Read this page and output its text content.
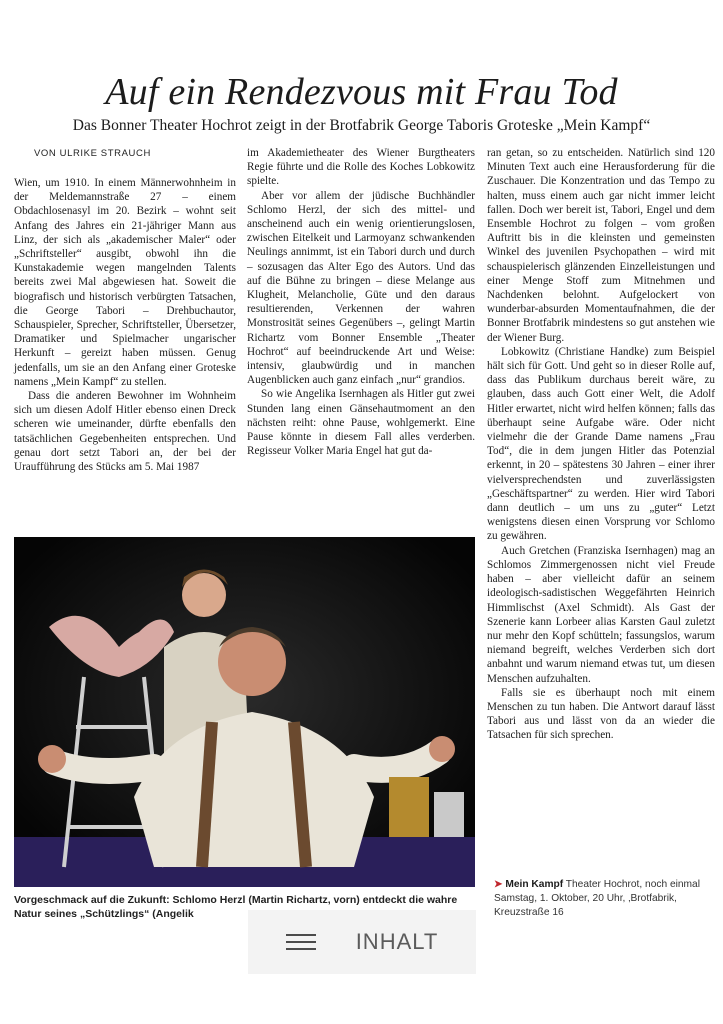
Auf ein Rendezvous mit Frau Tod
Das Bonner Theater Hochrot zeigt in der Brotfabrik George Taboris Groteske „Mein Kampf“
VON ULRIKE STRAUCH

Wien, um 1910. In einem Männerwohnheim in der Meldemannstraße 27 – einem Obdachlosenasyl im 20. Bezirk – wohnt seit Anfang des Jahres ein 21-jähriger Mann aus Linz, der sich als „akademischer Maler“ oder „Schriftsteller“ ausgibt, obwohl ihn die Kunstakademie wegen mangelnden Talents bereits zwei Mal abgewiesen hat. Soweit die biografisch und historisch verbürgten Tatsachen, die George Tabori – Drehbuchautor, Schauspieler, Sprecher, Schriftsteller, Übersetzer, Dramatiker und Spielmacher ungarischer Herkunft – gereizt haben müssen. Genug jedenfalls, um sie an den Anfang einer Groteske namens „Mein Kampf“ zu stellen.

Dass die anderen Bewohner im Wohnheim sich um diesen Adolf Hitler ebenso einen Dreck scheren wie umeinander, dürfte ebenfalls den tatsächlichen Gegebenheiten entsprechen. Und genau dort setzt Tabori an, der bei der Uraufführung des Stücks am 5. Mai 1987

im Akademietheater des Wiener Burgtheaters Regie führte und die Rolle des Koches Lobkowitz spielte.

Aber vor allem der jüdische Buchhändler Schlomo Herzl, der sich des mittel- und anscheinend auch ein wenig orientierungslosen, zwischen Eitelkeit und Larmoyanz schwankenden Neulings annimmt, ist ein Tabori durch und durch – sozusagen das Alter Ego des Autors. Und das auf die Bühne zu bringen – diese Melange aus Klugheit, Melancholie, Güte und den daraus resultierenden, Verkennen der wahren Monstrosität seines Gegenübers –, gelingt Martin Richartz vom Bonner Ensemble „Theater Hochrot“ auf beeindruckende Art und Weise: intensiv, glaubwürdig und in manchen Augenblicken auch ganz einfach „nur“ grandios.

So wie Angelika Isernhagen als Hitler gut zwei Stunden lang einen Gänsehautmoment an den nächsten reiht: ohne Pause, wohlgemerkt. Eine Pause könnte in diesem Fall alles verderben. Regisseur Volker Maria Engel hat gut da-

ran getan, so zu entscheiden. Natürlich sind 120 Minuten Text auch eine Herausforderung für die Zuschauer. Die Konzentration und das Tempo zu halten, muss einem auch gar nicht immer leicht fallen. Doch wer bereit ist, Tabori, Engel und dem Ensemble Hochrot zu folgen – vom großen Auftritt bis in die kleinsten und gemeinsten Winkel des juvenilen Psychopathen – wird mit schauspielerisch glänzenden Einzelleistungen und einer Menge Stoff zum Mitnehmen und Nachdenken belohnt. Aufgelockert von wunderbar-absurden Momentaufnahmen, die der Bonner Brotfabrik mindestens so gut anstehen wie der Wiener Burg.

Lobkowitz (Christiane Handke) zum Beispiel hält sich für Gott. Und geht so in dieser Rolle auf, dass das Publikum durchaus bereit wäre, zu glauben, dass auch Gott einer Welt, die Adolf Hitler erwartet, nicht wird helfen können; falls das überhaupt seine Aufgabe wäre. Oder nicht vielmehr die der Grande Dame namens „Frau Tod“, die in dem jungen Hitler das Potenzial erkennt, in 20 – spätestens 30 Jahren – einer ihrer vielversprechendsten und zuverlässigsten „Geschäftspartner“ zu werden. Hier wird Tabori dann deutlich – um uns zu „guter“ Letzt wenigstens diesen einen Vorsprung vor Schlomo zu gewähren.

Auch Gretchen (Franziska Isernhagen) mag an Schlomos Zimmergenossen nicht viel Freude haben – aber vielleicht dafür an seinem ideologisch-sadistischen Weggefährten Heinrich Himmlischst (Axel Schmidt). Als Gast der Szenerie kann Lorbeer alias Karsten Gaul zuletzt nur mehr den Kopf schütteln; fassungslos, warum niemand begreift, welches Verderben sich dort anbahnt und warum niemand etwas tut, um diesen Menschen aufzuhalten.

Falls sie es überhaupt noch mit einem Menschen zu tun haben. Die Antwort darauf lässt Tabori aus und lässt von da an wieder die Tatsachen für sich sprechen.

Vorgeschmack auf die Zukunft: Schlomo Herzl (Martin Richartz, vorn) entdeckt die wahre Natur seines „Schützlings“ (Angelik
➤ Mein Kampf Theater Hochrot, noch einmal Samstag, 1. Oktober, 20 Uhr, ‚Brotfabrik, Kreuzstraße 16
INHALT
